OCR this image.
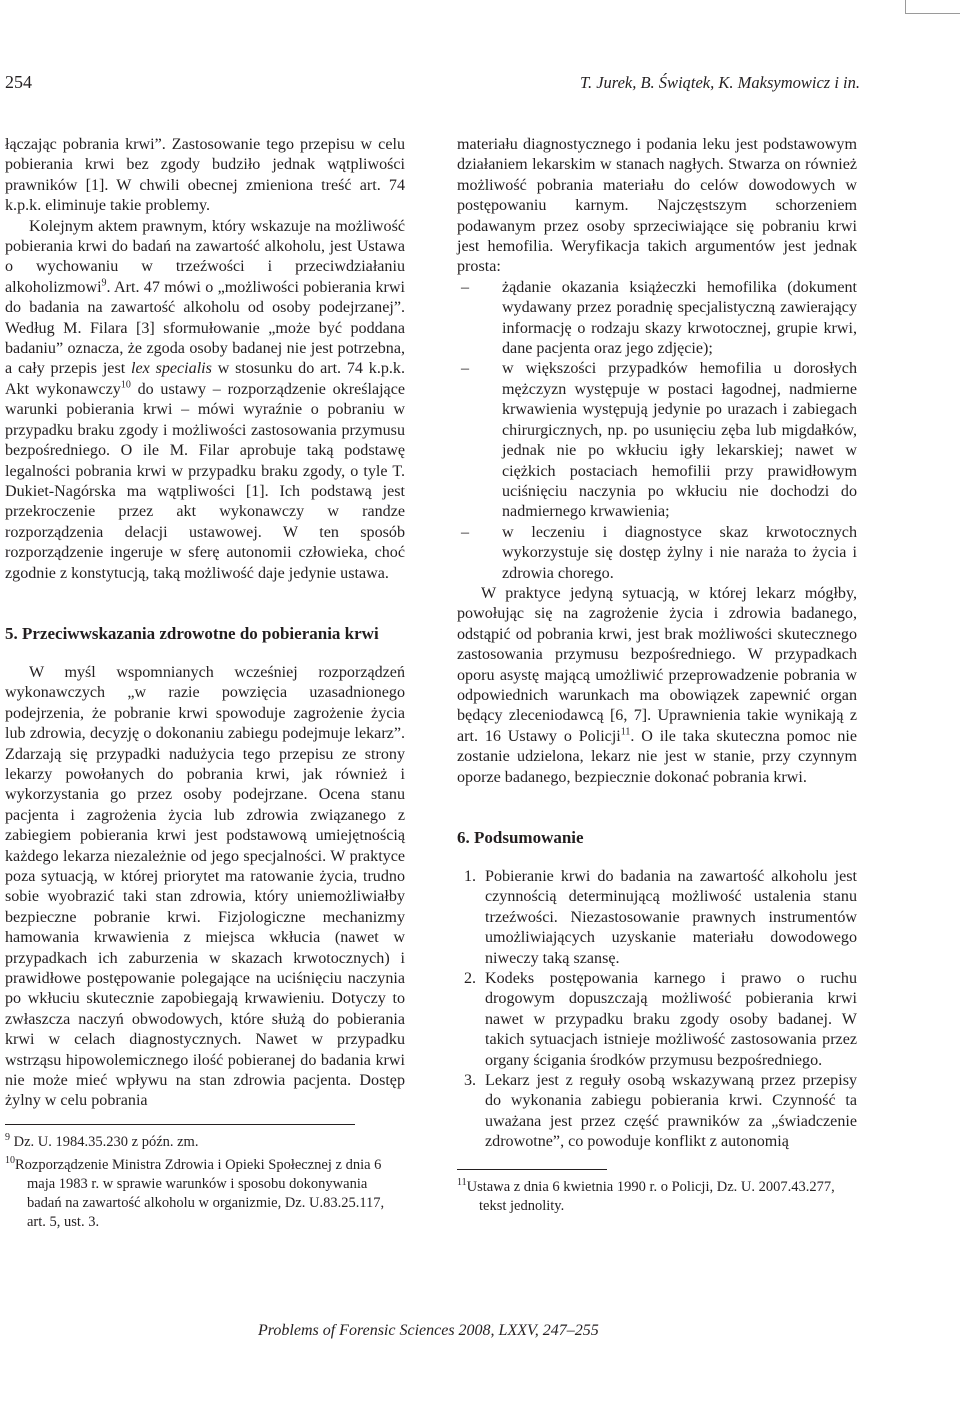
254	T. Jurek, B. Świątek, K. Maksymowicz i in.

łączając pobrania krwi”. Zastosowanie tego przepisu w celu pobierania krwi bez zgody budziło jednak wątpliwości prawników [1]. W chwili obecnej zmieniona treść art. 74 k.p.k. eliminuje takie problemy.

Kolejnym aktem prawnym, który wskazuje na możliwość pobierania krwi do badań na zawartość alkoholu, jest Ustawa o wychowaniu w trzeźwości i przeciwdziałaniu alkoholizmowi$^9$. Art. 47 mówi o „możliwości pobierania krwi do badania na zawartość alkoholu od osoby podejrzanej”. Według M. Filara [3] sformułowanie „może być poddana badaniu” oznacza, że zgoda osoby badanej nie jest potrzebna, a cały przepis jest lex specialis w stosunku do art. 74 k.p.k. Akt wykonawczy$^{10}$ do ustawy – rozporządzenie określające warunki pobierania krwi – mówi wyraźnie o pobraniu w przypadku braku zgody i możliwości zastosowania przymusu bezpośredniego. O ile M. Filar aprobuje taką podstawę legalności pobrania krwi w przypadku braku zgody, o tyle T. Dukiet-Nagórska ma wątpliwości [1]. Ich podstawą jest przekroczenie przez akt wykonawczy w randze rozporządzenia delacji ustawowej. W ten sposób rozporządzenie ingeruje w sferę autonomii człowieka, choć zgodnie z konstytucją, taką możliwość daje jedynie ustawa.

5. Przeciwwskazania zdrowotne do pobierania krwi

W myśl wspomnianych wcześniej rozporządzeń wykonawczych „w razie powzięcia uzasadnionego podejrzenia, że pobranie krwi spowoduje zagrożenie życia lub zdrowia, decyzję o dokonaniu zabiegu podejmuje lekarz”. Zdarzają się przypadki nadużycia tego przepisu ze strony lekarzy powołanych do pobrania krwi, jak również i wykorzystania go przez osoby podejrzane. Ocena stanu pacjenta i zagrożenia życia lub zdrowia związanego z zabiegiem pobierania krwi jest podstawową umiejętnością każdego lekarza niezależnie od jego specjalności. W praktyce poza sytuacją, w której priorytet ma ratowanie życia, trudno sobie wyobrazić taki stan zdrowia, który uniemożliwiałby bezpieczne pobranie krwi. Fizjologiczne mechanizmy hamowania krwawienia z miejsca wkłucia (nawet w przypadkach ich zaburzenia w skazach krwotocznych) i prawidłowe postępowanie polegające na uciśnięciu naczynia po wkłuciu skutecznie zapobiegają krwawieniu. Dotyczy to zwłaszcza naczyń obwodowych, które służą do pobierania krwi w celach diagnostycznych. Nawet w przypadku wstrząsu hipowolemicznego ilość pobieranej do badania krwi nie może mieć wpływu na stan zdrowia pacjenta. Dostęp żylny w celu pobrania

$^9$ Dz. U. 1984.35.230 z późn. zm.
$^{10}$Rozporządzenie Ministra Zdrowia i Opieki Społecznej z dnia 6 maja 1983 r. w sprawie warunków i sposobu dokonywania badań na zawartość alkoholu w organizmie, Dz. U.83.25.117, art. 5, ust. 3.

materiału diagnostycznego i podania leku jest podstawowym działaniem lekarskim w stanach nagłych. Stwarza on również możliwość pobrania materiału do celów dowodowych w postępowaniu karnym. Najczęstszym schorzeniem podawanym przez osoby sprzeciwiające się pobraniu krwi jest hemofilia. Weryfikacja takich argumentów jest jednak prosta:

– żądanie okazania książeczki hemofilika (dokument wydawany przez poradnię specjalistyczną zawierający informację o rodzaju skazy krwotocznej, grupie krwi, dane pacjenta oraz jego zdjęcie);
– w większości przypadków hemofilia u dorosłych mężczyzn występuje w postaci łagodnej, nadmierne krwawienia występują jedynie po urazach i zabiegach chirurgicznych, np. po usunięciu zęba lub migdałków, jednak nie po wkłuciu igły lekarskiej; nawet w ciężkich postaciach hemofilii przy prawidłowym uciśnięciu naczynia po wkłuciu nie dochodzi do nadmiernego krwawienia;
– w leczeniu i diagnostyce skaz krwotocznych wykorzystuje się dostęp żylny i nie naraża to życia i zdrowia chorego.

W praktyce jedyną sytuacją, w której lekarz mógłby, powołując się na zagrożenie życia i zdrowia badanego, odstąpić od pobrania krwi, jest brak możliwości skutecznego zastosowania przymusu bezpośredniego. W przypadkach oporu asystę mającą umożliwić przeprowadzenie pobrania w odpowiednich warunkach ma obowiązek zapewnić organ będący zleceniodawcą [6, 7]. Uprawnienia takie wynikają z art. 16 Ustawy o Policji$^{11}$. O ile taka skuteczna pomoc nie zostanie udzielona, lekarz nie jest w stanie, przy czynnym oporze badanego, bezpiecznie dokonać pobrania krwi.

6. Podsumowanie

1. Pobieranie krwi do badania na zawartość alkoholu jest czynnością determinującą możliwość ustalenia stanu trzeźwości. Niezastosowanie prawnych instrumentów umożliwiających uzyskanie materiału dowodowego niweczy taką szansę.
2. Kodeks postępowania karnego i prawo o ruchu drogowym dopuszczają możliwość pobierania krwi nawet w przypadku braku zgody osoby badanej. W takich sytuacjach istnieje możliwość zastosowania przez organy ścigania środków przymusu bezpośredniego.
3. Lekarz jest z reguły osobą wskazywaną przez przepisy do wykonania zabiegu pobierania krwi. Czynność ta uważana jest przez część prawników za „świadczenie zdrowotne”, co powoduje konflikt z autonomią
$^{11}$Ustawa z dnia 6 kwietnia 1990 r. o Policji, Dz. U. 2007.43.277, tekst jednolity.
Problems of Forensic Sciences 2008, LXXV, 247–255
